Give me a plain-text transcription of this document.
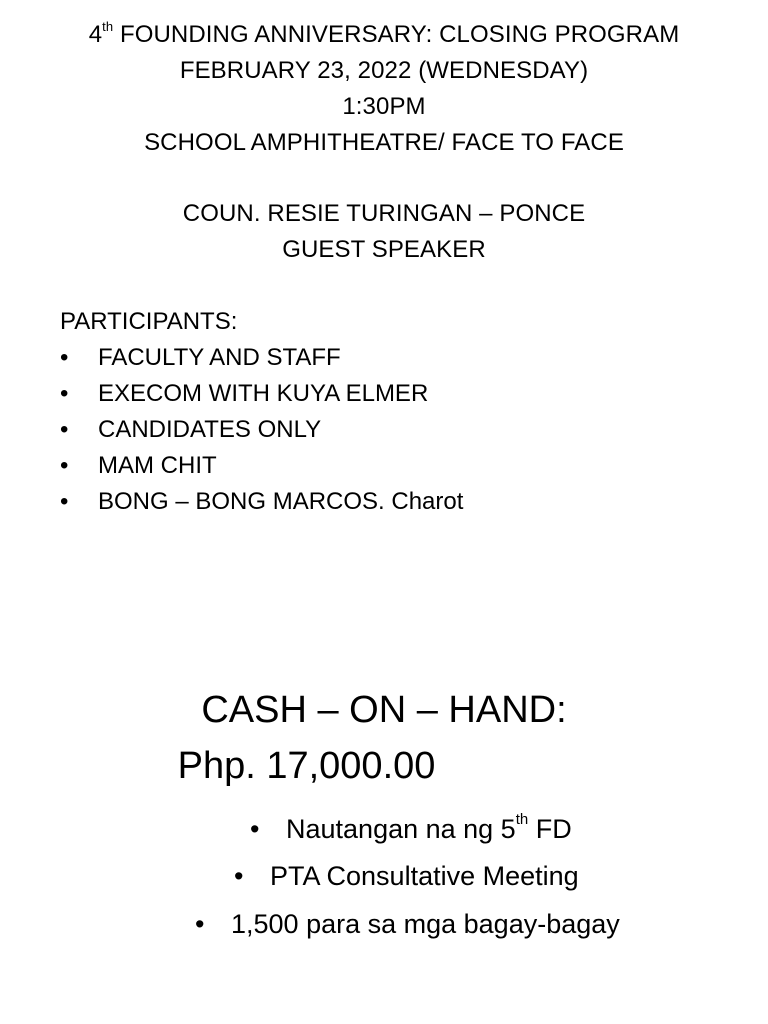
4th FOUNDING ANNIVERSARY: CLOSING PROGRAM
FEBRUARY 23, 2022 (WEDNESDAY)
1:30PM
SCHOOL AMPHITHEATRE/ FACE TO FACE
COUN. RESIE TURINGAN – PONCE
GUEST SPEAKER
PARTICIPANTS:
• FACULTY AND STAFF
• EXECOM WITH KUYA ELMER
• CANDIDATES ONLY
• MAM CHIT
• BONG – BONG MARCOS. Charot
CASH – ON – HAND:
Php. 17,000.00
• Nautangan na ng 5th FD
• PTA Consultative Meeting
• 1,500 para sa mga bagay-bagay
